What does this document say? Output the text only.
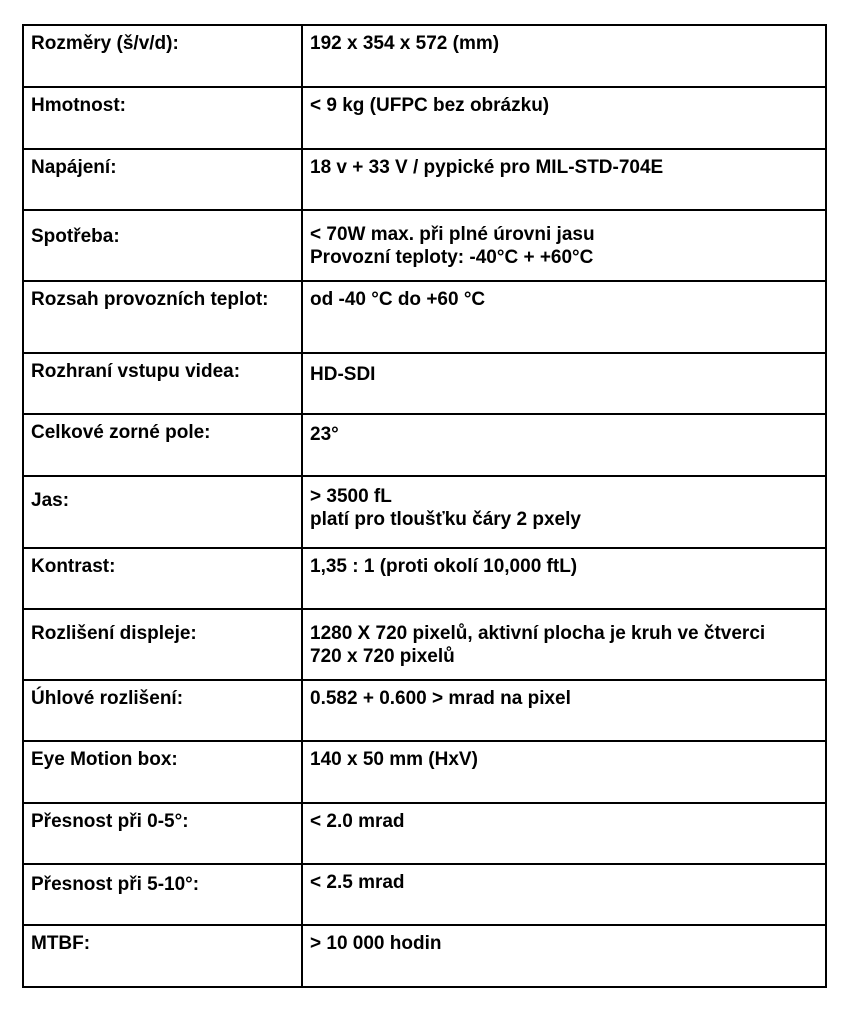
Rozměry (š/v/d):	192 x 354 x 572 (mm)

Hmotnost:	< 9 kg (UFPC bez obrázku)

Napájení:	18 v + 33 V / pypické pro MIL-STD-704E

Spotřeba:	< 70W max. při plné úrovni jasu
Provozní teploty: -40°C + +60°C

Rozsah provozních teplot:	od -40 °C do +60 °C

Rozhraní vstupu videa:	HD-SDI

Celkové zorné pole:	23°

Jas:	> 3500 fL
platí pro tloušťku čáry 2 pxely

Kontrast:	1,35 : 1 (proti okolí 10,000 ftL)

Rozlišení displeje:	1280 X 720 pixelů, aktivní plocha je kruh ve čtverci
720 x 720 pixelů

Úhlové rozlišení:	0.582 + 0.600 > mrad na pixel

Eye Motion box:	140 x 50 mm (HxV)

Přesnost při 0-5°:	< 2.0 mrad

Přesnost při 5-10°:	< 2.5 mrad

MTBF:	> 10 000 hodin
